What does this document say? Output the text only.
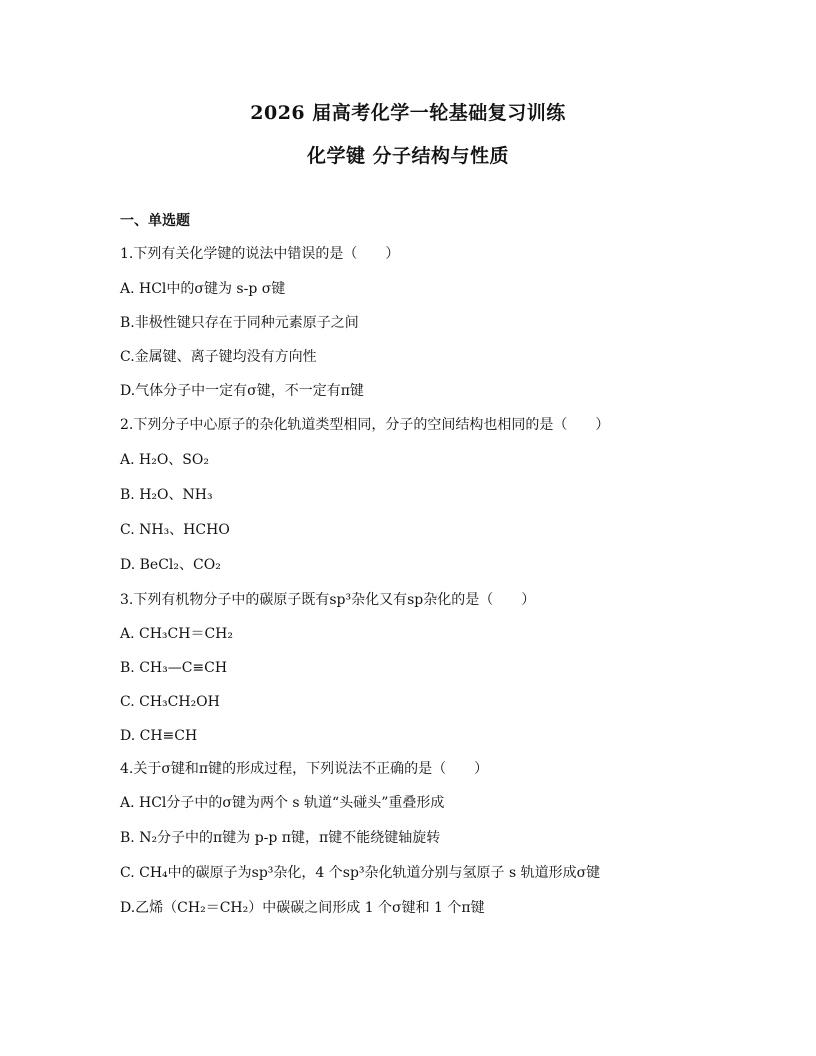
2026 届高考化学一轮基础复习训练
化学键 分子结构与性质
一、单选题
1.下列有关化学键的说法中错误的是（　　）
A. HCl中的σ键为 s-p σ键
B.非极性键只存在于同种元素原子之间
C.金属键、离子键均没有方向性
D.气体分子中一定有σ键，不一定有π键
2.下列分子中心原子的杂化轨道类型相同，分子的空间结构也相同的是（　　）
A. H₂O、SO₂
B. H₂O、NH₃
C. NH₃、HCHO
D. BeCl₂、CO₂
3.下列有机物分子中的碳原子既有sp³杂化又有sp杂化的是（　　）
A. CH₃CH＝CH₂
B. CH₃—C≡CH
C. CH₃CH₂OH
D. CH≡CH
4.关于σ键和π键的形成过程，下列说法不正确的是（　　）
A. HCl分子中的σ键为两个 s 轨道“头碰头”重叠形成
B. N₂分子中的π键为 p-p π键，π键不能绕键轴旋转
C. CH₄中的碳原子为sp³杂化，4 个sp³杂化轨道分别与氢原子 s 轨道形成σ键
D.乙烯（CH₂＝CH₂）中碳碳之间形成 1 个σ键和 1 个π键
